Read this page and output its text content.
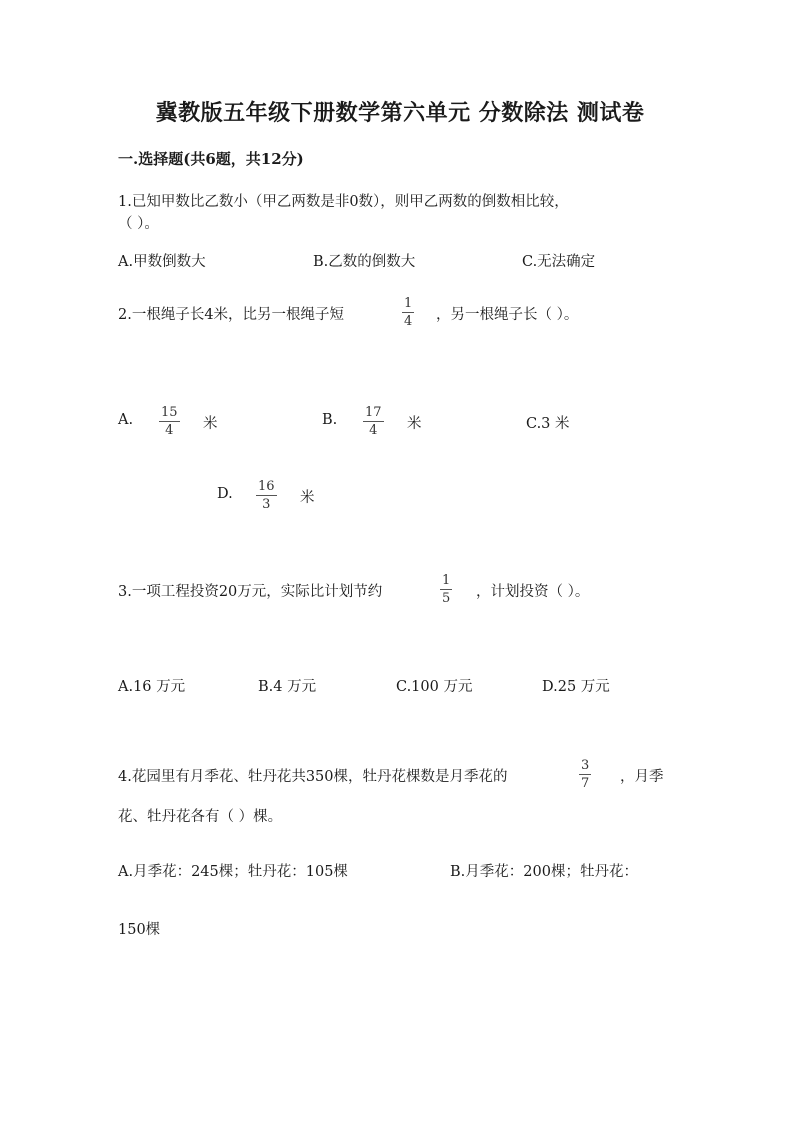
冀教版五年级下册数学第六单元 分数除法 测试卷
一.选择题(共6题，共12分)
1.已知甲数比乙数小（甲乙两数是非0数），则甲乙两数的倒数相比较，
（ ）。
A.甲数倒数大	B.乙数的倒数大	C.无法确定
2.一根绳子长4米，比另一根绳子短
1
4 ，另一根绳子长（ ）。
A. 15
4 米	B. 17
4 米	C.3 米
D. 16
3 米
3.一项工程投资20万元，实际比计划节约
1
5 ，计划投资（ ）。
A.16 万元	B.4 万元	C.100 万元	D.25 万元
4.花园里有月季花、牡丹花共350棵，牡丹花棵数是月季花的
3
7 ，月季
花、牡丹花各有（ ）棵。
A.月季花：245棵；牡丹花：105棵	B.月季花：200棵；牡丹花：
150棵
